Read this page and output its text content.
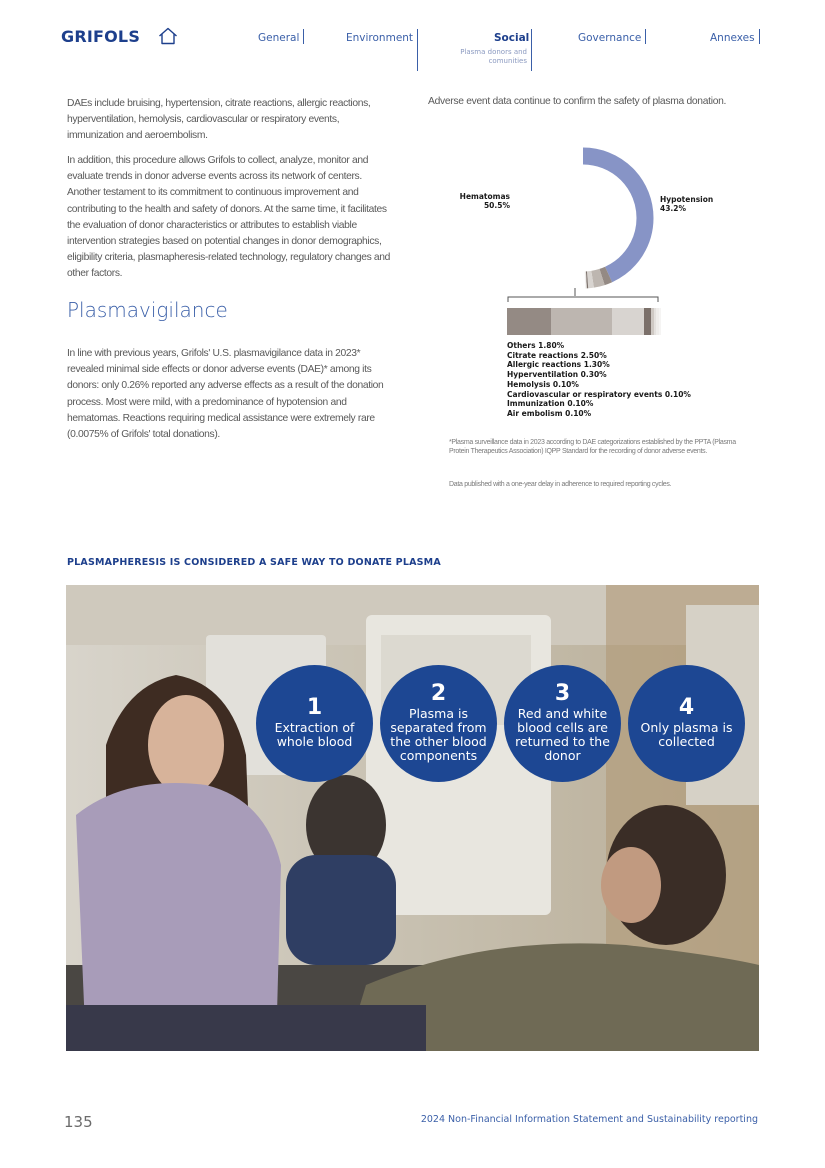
GRIFOLS	General	Environment	Social
Plasma donors and comunities
Governance	Annexes

DAEs include bruising, hypertension, citrate reactions, allergic reactions, hyperventilation, hemolysis, cardiovascular or respiratory events, immunization and aeroembolism.

In addition, this procedure allows Grifols to collect, analyze, monitor and evaluate trends in donor adverse events across its network of centers. Another testament to its commitment to continuous improvement and contributing to the health and safety of donors. At the same time, it facilitates the evaluation of donor characteristics or attributes to establish viable intervention strategies based on potential changes in donor demographics, eligibility criteria, plasmapheresis-related technology, regulatory changes and other factors.

Plasmavigilance

In line with previous years, Grifols' U.S. plasmavigilance data in 2023* revealed minimal side effects or donor adverse events (DAE)* among its donors: only 0.26% reported any adverse effects as a result of the donation process. Most were mild, with a predominance of hypotension and hematomas. Reactions requiring medical assistance were extremely rare (0.0075% of Grifols' total donations).

Adverse event data continue to confirm the safety of plasma donation.

Hematomas
50.5%
Hypotension
43.2%
Others 1.80%
Citrate reactions 2.50%
Allergic reactions 1.30%
Hyperventilation 0.30%
Hemolysis 0.10%
Cardiovascular or respiratory events 0.10%
Immunization 0.10%
Air embolism 0.10%

*Plasma surveillance data in 2023 according to DAE categorizations established by the PPTA (Plasma Protein Therapeutics Association) IQPP Standard for the recording of donor adverse events.

Data published with a one-year delay in adherence to required reporting cycles.

PLASMAPHERESIS IS CONSIDERED A SAFE WAY TO DONATE PLASMA
1
Extraction of whole blood
2
Plasma is separated from the other blood components
3
Red and white blood cells are returned to the donor
4
Only plasma is collected
135	2024 Non-Financial Information Statement and Sustainability reporting
